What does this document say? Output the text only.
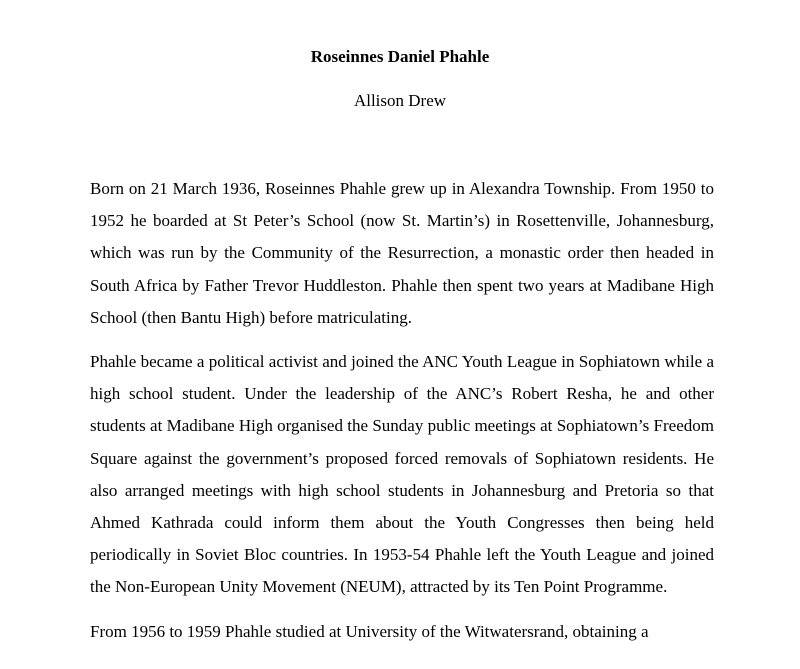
Roseinnes Daniel Phahle
Allison Drew

Born on 21 March 1936, Roseinnes Phahle grew up in Alexandra Township. From 1950 to 1952 he boarded at St Peter’s School (now St. Martin’s) in Rosettenville, Johannesburg, which was run by the Community of the Resurrection, a monastic order then headed in South Africa by Father Trevor Huddleston. Phahle then spent two years at Madibane High School (then Bantu High) before matriculating.

Phahle became a political activist and joined the ANC Youth League in Sophiatown while a high school student. Under the leadership of the ANC’s Robert Resha, he and other students at Madibane High organised the Sunday public meetings at Sophiatown’s Freedom Square against the government’s proposed forced removals of Sophiatown residents. He also arranged meetings with high school students in Johannesburg and Pretoria so that Ahmed Kathrada could inform them about the Youth Congresses then being held periodically in Soviet Bloc countries. In 1953-54 Phahle left the Youth League and joined the Non-European Unity Movement (NEUM), attracted by its Ten Point Programme.

From 1956 to 1959 Phahle studied at University of the Witwatersrand, obtaining a
